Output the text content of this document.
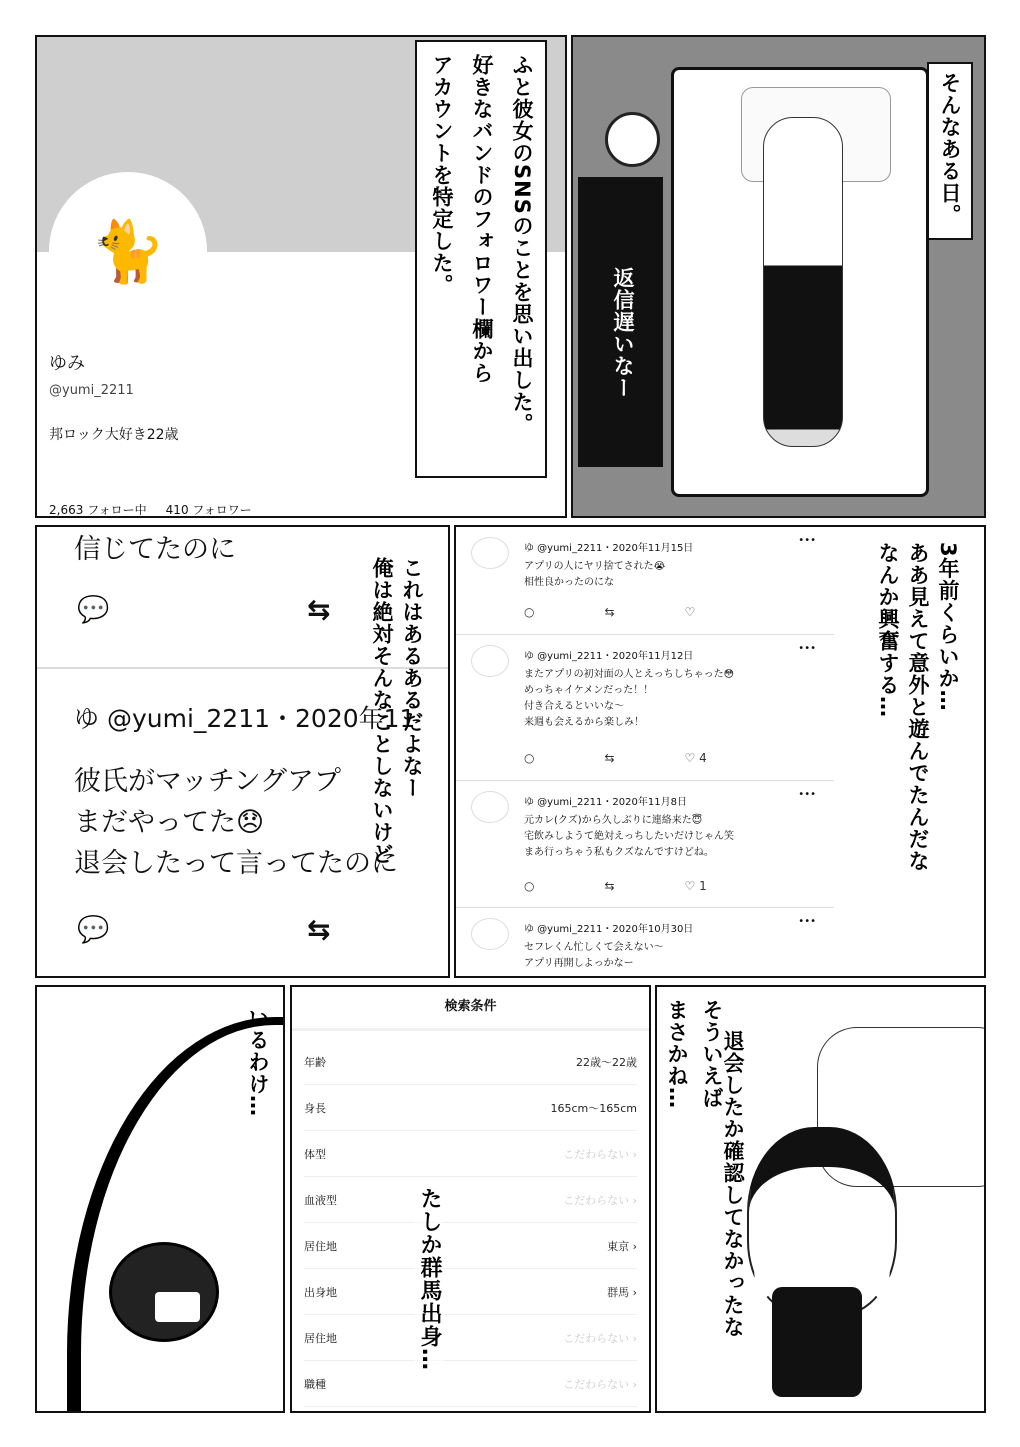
🐈
ゆみ
@yumi_2211
邦ロック大好き22歳
2,663 フォロー中 410 フォロワー
ふと彼女のSNSのことを思い出した。
好きなバンドのフォロワー欄から
アカウントを特定した。
返信遅いなー
そんなある日。
信じてたのに
💬	⇆
ゆ @yumi_2211・2020年11
彼氏がマッチングアプ
まだやってた😞
退会したって言ってたのに
💬	⇆
これはあるあるだよなー
俺は絶対そんなことしないけど
ゆ @yumi_2211・2020年11月15日
•••
アプリの人にヤリ捨てされた😭
相性良かったのにな
○	⇆	♡
ゆ @yumi_2211・2020年11月12日
•••
またアプリの初対面の人とえっちしちゃった😳
めっちゃイケメンだった！！
付き合えるといいな〜
来週も会えるから楽しみ！
○	⇆	♡ 4
ゆ @yumi_2211・2020年11月8日
•••
元カレ(クズ)から久しぶりに連絡来た😇
宅飲みしようて絶対えっちしたいだけじゃん笑
まあ行っちゃう私もクズなんですけどね。
○	⇆	♡ 1
ゆ @yumi_2211・2020年10月30日
•••
セフレくん忙しくて会えない〜
アプリ再開しよっかなー
3年前くらいか…
ああ見えて意外と遊んでたんだな
なんか興奮する…
いるわけ…
検索条件
年齢	22歳〜22歳
身長	165cm〜165cm
体型	こだわらない ›
血液型	こだわらない ›
居住地	東京 ›
出身地	群馬 ›
居住地	こだわらない ›
職種	こだわらない ›
たしか群馬出身…
そういえば
まさかね… 退会したか確認してなかったな
